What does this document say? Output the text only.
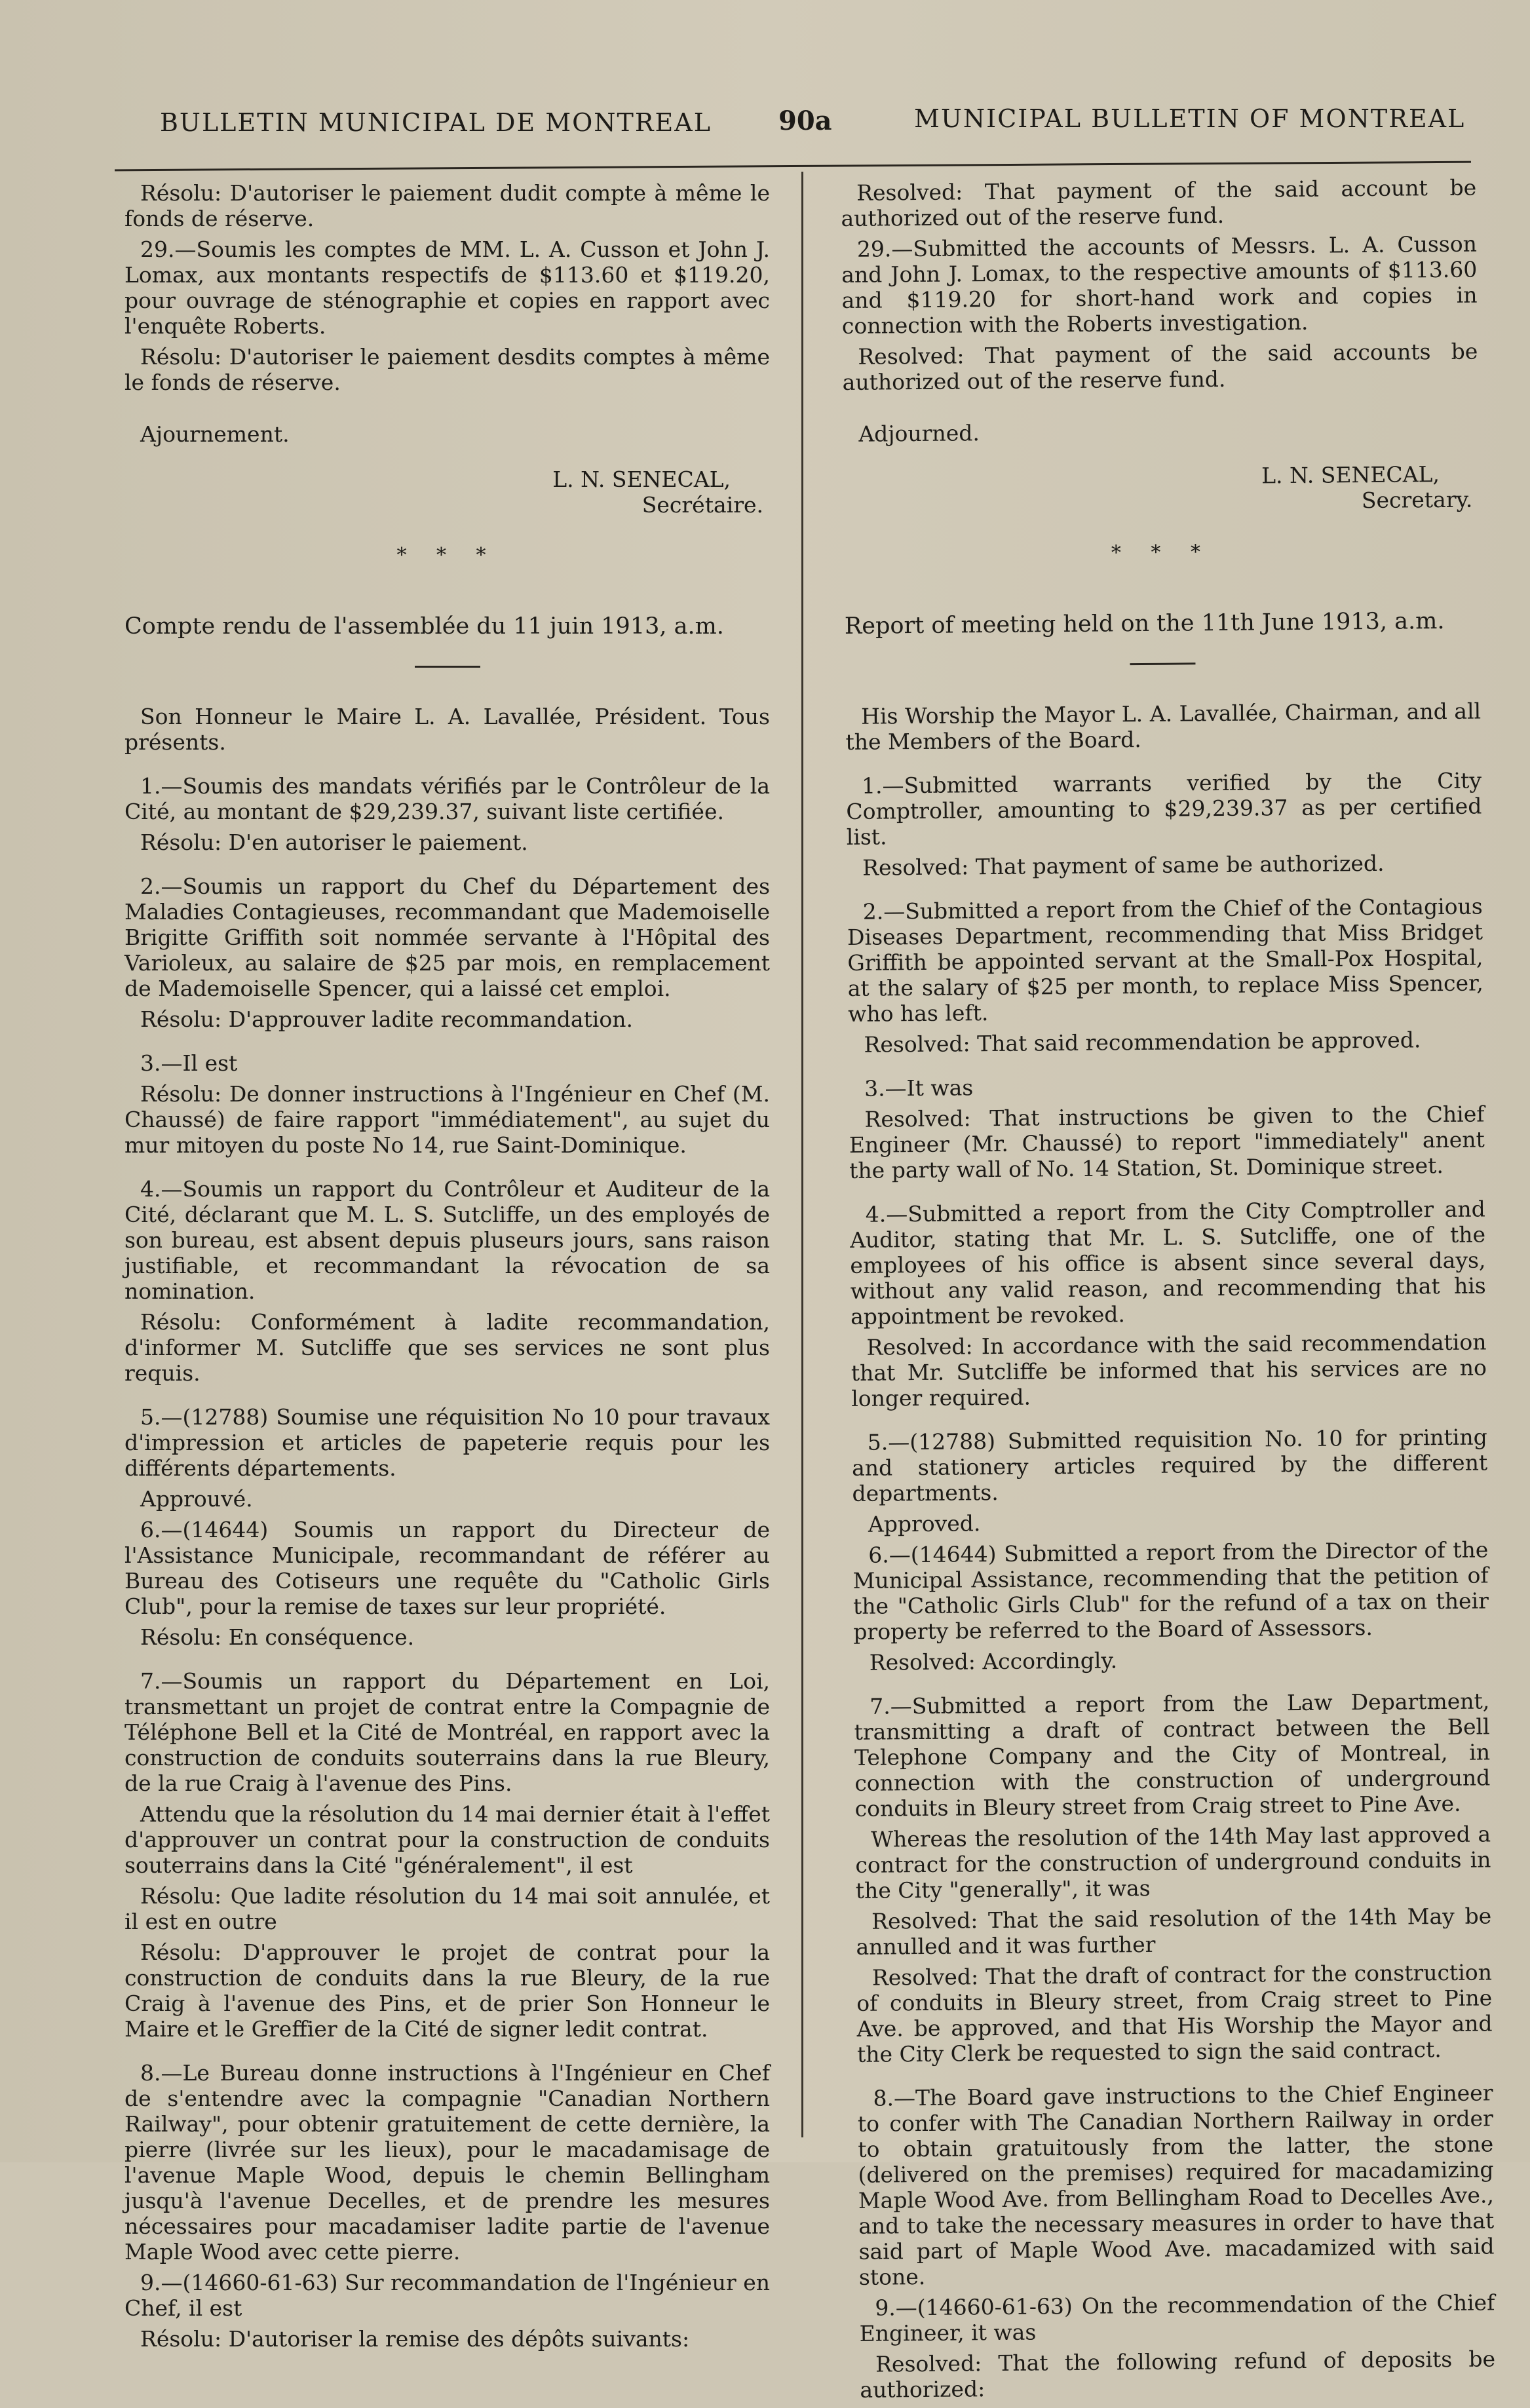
BULLETIN MUNICIPAL DE MONTREAL	90a	MUNICIPAL BULLETIN OF MONTREAL

Résolu: D'autoriser le paiement dudit compte à même le fonds de réserve.

29.—Soumis les comptes de MM. L. A. Cusson et John J. Lomax, aux montants respectifs de $113.60 et $119.20, pour ouvrage de sténographie et copies en rapport avec l'enquête Roberts.

Résolu: D'autoriser le paiement desdits comptes à même le fonds de réserve.

Ajournement.

L. N. SENECAL,
Secrétaire.
* * *

Compte rendu de l'assemblée du 11 juin 1913, a.m.

Son Honneur le Maire L. A. Lavallée, Président. Tous présents.

1.—Soumis des mandats vérifiés par le Contrôleur de la Cité, au montant de $29,239.37, suivant liste certifiée.

Résolu: D'en autoriser le paiement.

2.—Soumis un rapport du Chef du Département des Maladies Contagieuses, recommandant que Mademoiselle Brigitte Griffith soit nommée servante à l'Hôpital des Varioleux, au salaire de $25 par mois, en remplacement de Mademoiselle Spencer, qui a laissé cet emploi.

Résolu: D'approuver ladite recommandation.

3.—Il est

Résolu: De donner instructions à l'Ingénieur en Chef (M. Chaussé) de faire rapport "immédiatement", au sujet du mur mitoyen du poste No 14, rue Saint-Dominique.

4.—Soumis un rapport du Contrôleur et Auditeur de la Cité, déclarant que M. L. S. Sutcliffe, un des employés de son bureau, est absent depuis pluseurs jours, sans raison justifiable, et recommandant la révocation de sa nomination.

Résolu: Conformément à ladite recommandation, d'informer M. Sutcliffe que ses services ne sont plus requis.

5.—(12788) Soumise une réquisition No 10 pour travaux d'impression et articles de papeterie requis pour les différents départements.

Approuvé.

6.—(14644) Soumis un rapport du Directeur de l'Assistance Municipale, recommandant de référer au Bureau des Cotiseurs une requête du "Catholic Girls Club", pour la remise de taxes sur leur propriété.

Résolu: En conséquence.

7.—Soumis un rapport du Département en Loi, transmettant un projet de contrat entre la Compagnie de Téléphone Bell et la Cité de Montréal, en rapport avec la construction de conduits souterrains dans la rue Bleury, de la rue Craig à l'avenue des Pins.

Attendu que la résolution du 14 mai dernier était à l'effet d'approuver un contrat pour la construction de conduits souterrains dans la Cité "généralement", il est

Résolu: Que ladite résolution du 14 mai soit annulée, et il est en outre

Résolu: D'approuver le projet de contrat pour la construction de conduits dans la rue Bleury, de la rue Craig à l'avenue des Pins, et de prier Son Honneur le Maire et le Greffier de la Cité de signer ledit contrat.

8.—Le Bureau donne instructions à l'Ingénieur en Chef de s'entendre avec la compagnie "Canadian Northern Railway", pour obtenir gratuitement de cette dernière, la pierre (livrée sur les lieux), pour le macadamisage de l'avenue Maple Wood, depuis le chemin Bellingham jusqu'à l'avenue Decelles, et de prendre les mesures nécessaires pour macadamiser ladite partie de l'avenue Maple Wood avec cette pierre.

9.—(14660-61-63) Sur recommandation de l'Ingénieur en Chef, il est

Résolu: D'autoriser la remise des dépôts suivants:

Resolved: That payment of the said account be authorized out of the reserve fund.

29.—Submitted the accounts of Messrs. L. A. Cusson and John J. Lomax, to the respective amounts of $113.60 and $119.20 for short-hand work and copies in connection with the Roberts investigation.

Resolved: That payment of the said accounts be authorized out of the reserve fund.

Adjourned.

L. N. SENECAL,
Secretary.
* * *

Report of meeting held on the 11th June 1913, a.m.

His Worship the Mayor L. A. Lavallée, Chairman, and all the Members of the Board.

1.—Submitted warrants verified by the City Comptroller, amounting to $29,239.37 as per certified list.

Resolved: That payment of same be authorized.

2.—Submitted a report from the Chief of the Contagious Diseases Department, recommending that Miss Bridget Griffith be appointed servant at the Small-Pox Hospital, at the salary of $25 per month, to replace Miss Spencer, who has left.

Resolved: That said recommendation be approved.

3.—It was

Resolved: That instructions be given to the Chief Engineer (Mr. Chaussé) to report "immediately" anent the party wall of No. 14 Station, St. Dominique street.

4.—Submitted a report from the City Comptroller and Auditor, stating that Mr. L. S. Sutcliffe, one of the employees of his office is absent since several days, without any valid reason, and recommending that his appointment be revoked.

Resolved: In accordance with the said recommendation that Mr. Sutcliffe be informed that his services are no longer required.

5.—(12788) Submitted requisition No. 10 for printing and stationery articles required by the different departments.

Approved.

6.—(14644) Submitted a report from the Director of the Municipal Assistance, recommending that the petition of the "Catholic Girls Club" for the refund of a tax on their property be referred to the Board of Assessors.

Resolved: Accordingly.

7.—Submitted a report from the Law Department, transmitting a draft of contract between the Bell Telephone Company and the City of Montreal, in connection with the construction of underground conduits in Bleury street from Craig street to Pine Ave.

Whereas the resolution of the 14th May last approved a contract for the construction of underground conduits in the City "generally", it was

Resolved: That the said resolution of the 14th May be annulled and it was further

Resolved: That the draft of contract for the construction of conduits in Bleury street, from Craig street to Pine Ave. be approved, and that His Worship the Mayor and the City Clerk be requested to sign the said contract.

8.—The Board gave instructions to the Chief Engineer to confer with The Canadian Northern Railway in order to obtain gratuitously from the latter, the stone (delivered on the premises) required for macadamizing Maple Wood Ave. from Bellingham Road to Decelles Ave., and to take the necessary measures in order to have that said part of Maple Wood Ave. macadamized with said stone.

9.—(14660-61-63) On the recommendation of the Chief Engineer, it was

Resolved: That the following refund of deposits be authorized:
